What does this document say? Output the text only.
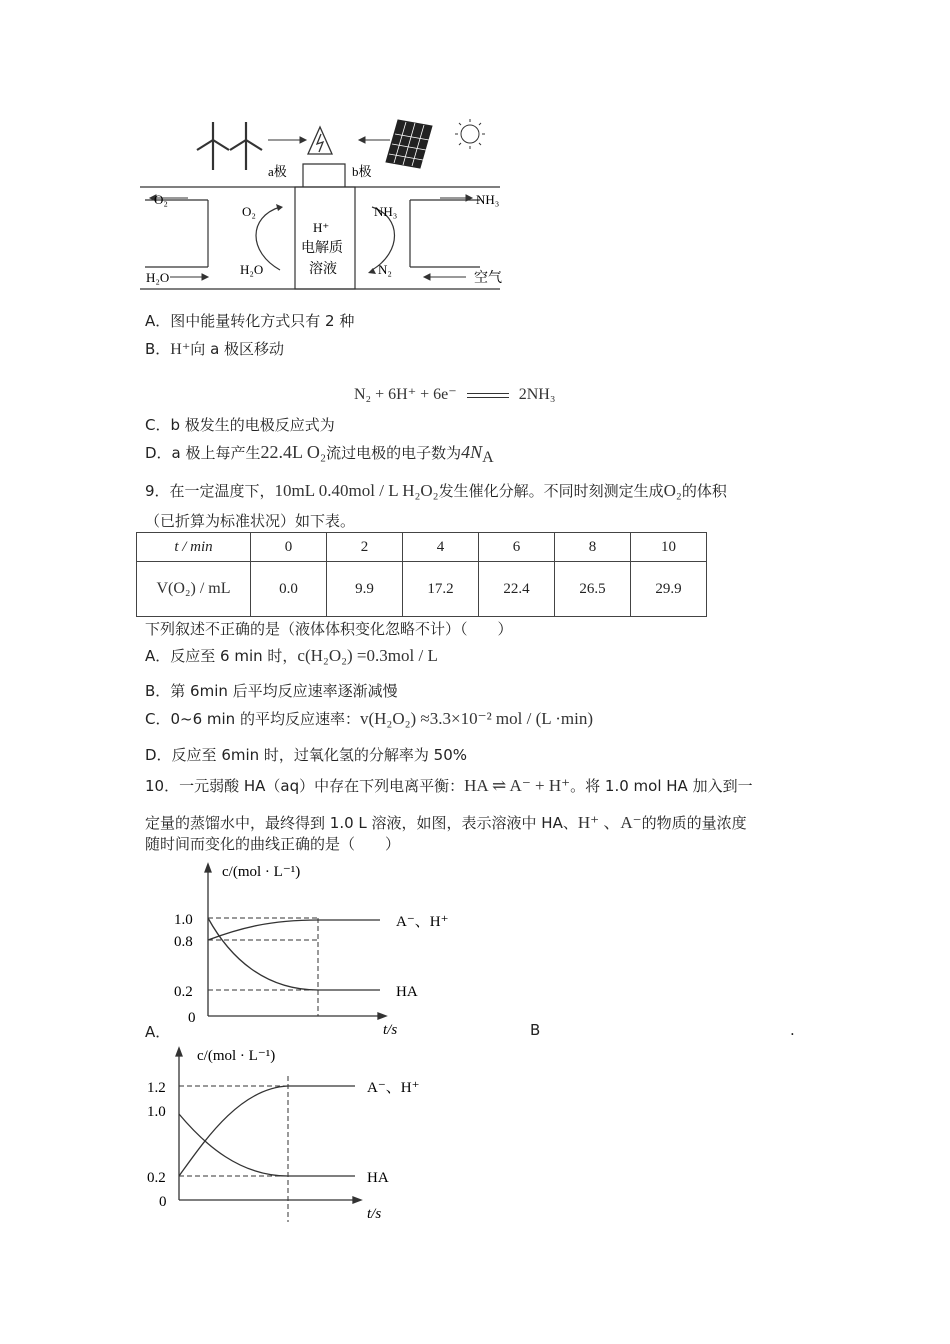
a极	b极
O₂
H₂O
O₂
H₂O
H⁺
电解质
溶液
NH₃
N₂
NH₃
空气
A．图中能量转化方式只有 2 种
B．H⁺向 a 极区移动
N₂ + 6H⁺ + 6e⁻	2NH₃
C．b 极发生的电极反应式为
D．a 极上每产生22.4L O₂流过电极的电子数为$4N_A$
9．在一定温度下，10mL 0.40mol / L H₂O₂发生催化分解。不同时刻测定生成O₂的体积
（已折算为标准状况）如下表。
t / min	0	2	4	6	8	10
V(O₂) / mL	0.0	9.9	17.2	22.4	26.5	29.9
下列叙述不正确的是（液体体积变化忽略不计）（　　）
A．反应至 6 min 时，c(H₂O₂) =0.3mol / L
B．第 6min 后平均反应速率逐渐减慢
C．0~6 min 的平均反应速率：v(H₂O₂) ≈3.3×10⁻² mol / (L ·min)
D．反应至 6min 时，过氧化氢的分解率为 50%
10．一元弱酸 HA（aq）中存在下列电离平衡：HA ⇌ A⁻ + H⁺。将 1.0 mol HA 加入到一
定量的蒸馏水中，最终得到 1.0 L 溶液，如图，表示溶液中 HA、H⁺ 、A⁻的物质的量浓度
随时间而变化的曲线正确的是（　　）
c/(mol · L⁻¹)
1.0
0.8
0.2
0
A⁻、H⁺
HA
t/s
A．	B	.
c/(mol · L⁻¹)
1.2
1.0
0.2
0
A⁻、H⁺
HA
t/s
